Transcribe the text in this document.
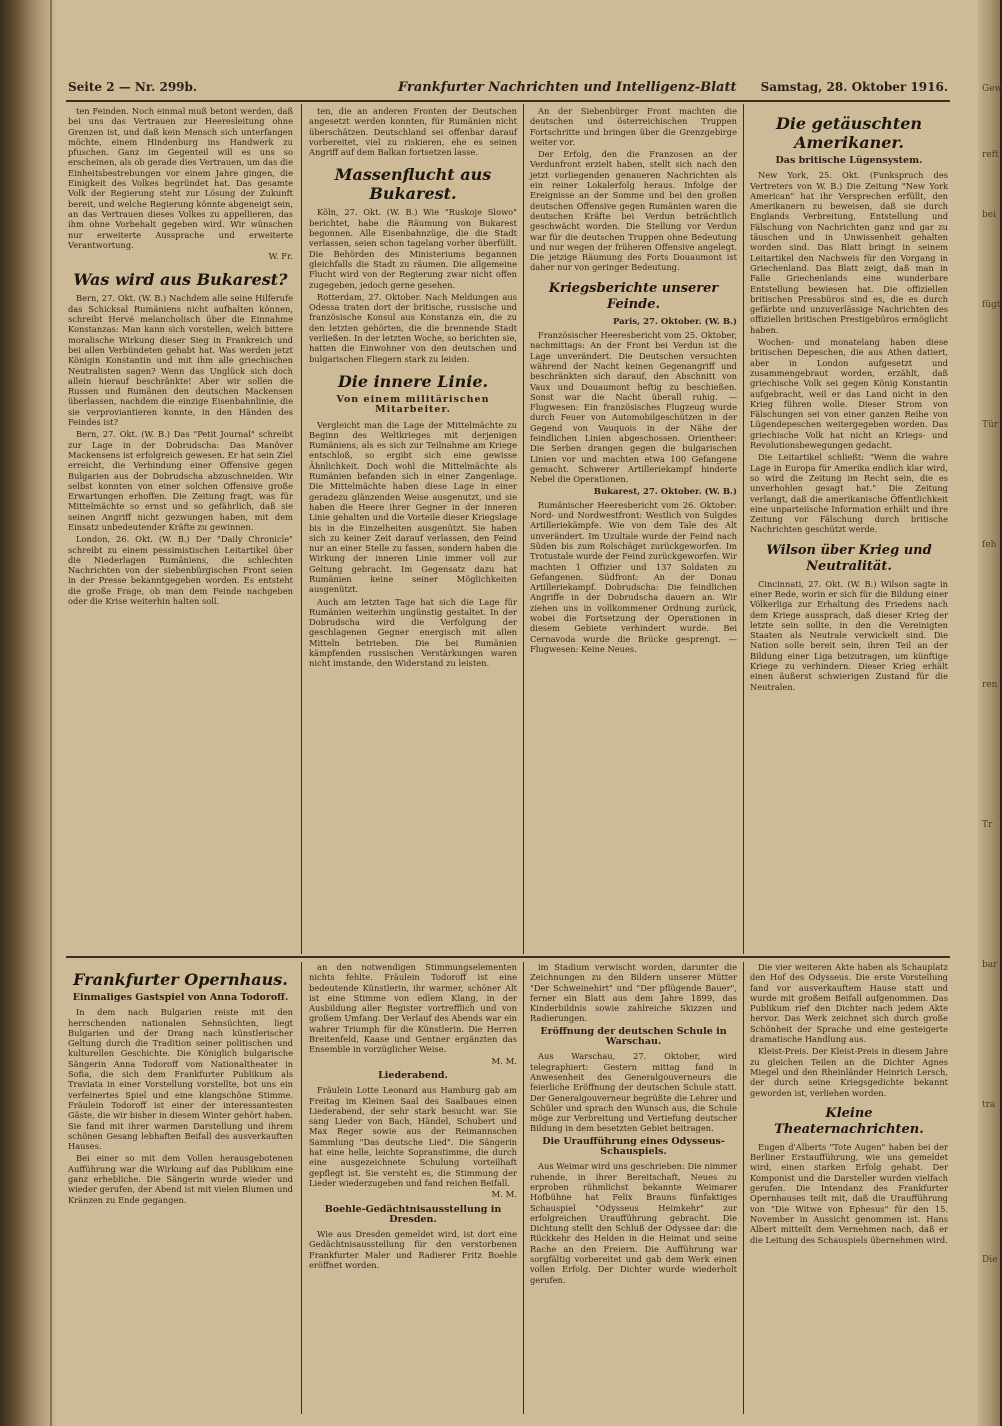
Gew
reft
bei
fügt
Tür
feh
ren
Tr
bar
tra
Die
Seite 2 — Nr. 299b.	Frankfurter Nachrichten und Intelligenz-Blatt Samstag, 28. Oktober 1916.

ten Feinden. Noch einmal muß betont werden, daß bei uns das Vertrauen zur Heeresleitung ohne Grenzen ist, und daß kein Mensch sich unterfangen möchte, einem Hindenburg ins Handwerk zu pfuschen. Ganz im Gegenteil will es uns so erscheinen, als ob gerade dies Vertrauen, um das die Einheitsbestrebungen vor einem Jahre gingen, die Einigkeit des Volkes begründet hat. Das gesamte Volk der Regierung steht zur Lösung der Zukunft bereit, und welche Regierung könnte abgeneigt sein, an das Vertrauen dieses Volkes zu appellieren, das ihm ohne Vorbehalt gegeben wird. Wir wünschen nur erweiterte Aussprache und erweiterte Verantwortung.

W. Fr.
Was wird aus Bukarest?

Bern, 27. Okt. (W. B.) Nachdem alle seine Hilferufe das Schicksal Rumäniens nicht aufhalten können, schreibt Hervé melancholisch über die Einnahme Konstanzas: Man kann sich vorstellen, welch bittere moralische Wirkung dieser Sieg in Frankreich und bei allen Verbündeten gehabt hat. Was werden jetzt Königin Konstantin und mit ihm alle griechischen Neutralisten sagen? Wenn das Unglück sich doch allein hierauf beschränkte! Aber wir sollen die Russen und Rumänen den deutschen Mackensen überlassen, nachdem die einzige Eisenbahnlinie, die sie verproviantieren konnte, in den Händen des Feindes ist?

Bern, 27. Okt. (W. B.) Das "Petit Journal" schreibt zur Lage in der Dobrudscha: Das Manöver Mackensens ist erfolgreich gewesen. Er hat sein Ziel erreicht, die Verbindung einer Offensive gegen Bulgarien aus der Dobrudscha abzuschneiden. Wir selbst konnten von einer solchen Offensive große Erwartungen erhoffen. Die Zeitung fragt, was für Mittelmächte so ernst und so gefährlich, daß sie seinen Angriff nicht gezwungen haben, mit dem Einsatz unbedeutender Kräfte zu gewinnen.

London, 26. Okt. (W. B.) Der "Daily Chronicle" schreibt zu einem pessimistischen Leitartikel über die Niederlagen Rumäniens, die schlechten Nachrichten von der siebenbürgischen Front seien in der Presse bekanntgegeben worden. Es entsteht die große Frage, ob man dem Feinde nachgeben oder die Krise weiterhin halten soll.

ten, die an anderen Fronten der Deutschen angesetzt werden konnten, für Rumänien nicht überschätzen. Deutschland sei offenbar darauf vorbereitet, viel zu riskieren, ehe es seinen Angriff auf dem Balkan fortsetzen lasse.

Massenflucht aus Bukarest.

Köln, 27. Okt. (W. B.) Wie "Ruskoje Slowo" berichtet, habe die Räumung von Bukarest begonnen. Alle Eisenbahnzüge, die die Stadt verlassen, seien schon tagelang vorher überfüllt. Die Behörden des Ministeriums begannen gleichfalls die Stadt zu räumen. Die allgemeine Flucht wird von der Regierung zwar nicht offen zugegeben, jedoch gerne gesehen.

Rotterdam, 27. Oktober. Nach Meldungen aus Odessa traten dort der britische, russische und französische Konsul aus Konstanza ein, die zu den letzten gehörten, die die brennende Stadt verließen. In der letzten Woche, so berichten sie, hatten die Einwohner von den deutschen und bulgarischen Fliegern stark zu leiden.

Die innere Linie.
Von einem militärischen Mitarbeiter.

Vergleicht man die Lage der Mittelmächte zu Beginn des Weltkrieges mit derjenigen Rumäniens, als es sich zur Teilnahme am Kriege entschloß, so ergibt sich eine gewisse Ähnlichkeit. Doch wohl die Mittelmächte als Rumänien befanden sich in einer Zangenlage. Die Mittelmächte haben diese Lage in einer geradezu glänzenden Weise ausgenutzt, und sie haben die Heere ihrer Gegner in der inneren Linie gehalten und die Vorteile dieser Kriegslage bis in die Einzelheiten ausgenützt. Sie haben sich zu keiner Zeit darauf verlassen, den Feind nur an einer Stelle zu fassen, sondern haben die Wirkung der inneren Linie immer voll zur Geltung gebracht. Im Gegensatz dazu hat Rumänien keine seiner Möglichkeiten ausgenützt.

Auch am letzten Tage hat sich die Lage für Rumänien weiterhin ungünstig gestaltet. In der Dobrudscha wird die Verfolgung der geschlagenen Gegner energisch mit allen Mitteln betrieben. Die bei Rumänien kämpfenden russischen Verstärkungen waren nicht imstande, den Widerstand zu leisten.

An der Siebenbürger Front machten die deutschen und österreichischen Truppen Fortschritte und bringen über die Grenzgebirge weiter vor.

Der Erfolg, den die Franzosen an der Verdunfront erzielt haben, stellt sich nach den jetzt vorliegenden genaueren Nachrichten als ein reiner Lokalerfolg heraus. Infolge der Ereignisse an der Somme und bei den großen deutschen Offensive gegen Rumänien waren die deutschen Kräfte bei Verdun beträchtlich geschwächt worden. Die Stellung vor Verdun war für die deutschen Truppen ohne Bedeutung und nur wegen der früheren Offensive angelegt. Die jetzige Räumung des Forts Douaumont ist daher nur von geringer Bedeutung.

Kriegsberichte unserer Feinde.
Paris, 27. Oktober. (W. B.)

Französischer Heeresbericht vom 25. Oktober, nachmittags: An der Front bei Verdun ist die Lage unverändert. Die Deutschen versuchten während der Nacht keinen Gegenangriff und beschränkten sich darauf, den Abschnitt von Vaux und Douaumont heftig zu beschießen. Sonst war die Nacht überall ruhig. — Flugwesen: Ein französisches Flugzeug wurde durch Feuer von Automobilgeschützen in der Gegend von Vauquois in der Nähe der feindlichen Linien abgeschossen. Orientheer: Die Serben drangen gegen die bulgarischen Linien vor und machten etwa 100 Gefangene gemacht. Schwerer Artilleriekampf hinderte Nebel die Operationen.

Bukarest, 27. Oktober. (W. B.)

Rumänischer Heeresbericht vom 26. Oktober: Nord- und Nordwestfront: Westlich von Sulgdes Artilleriekämpfe. Wie von dem Tale des Alt unverändert. Im Uzultale wurde der Feind nach Süden bis zum Rolschäget zurückgeworfen. Im Trotustale wurde der Feind zurückgeworfen. Wir machten 1 Offizier und 137 Soldaten zu Gefangenen. Südfront: An der Donau Artilleriekampf. Dobrudscha: Die feindlichen Angriffe in der Dobrudscha dauern an. Wir ziehen uns in vollkommener Ordnung zurück, wobei die Fortsetzung der Operationen in diesem Gebiete verhindert wurde. Bei Cernavoda wurde die Brücke gesprengt. — Flugwesen: Keine Neues.

Die getäuschten Amerikaner.
Das britische Lügensystem.

New York, 25. Okt. (Funkspruch des Vertreters von W. B.) Die Zeitung "New York American" hat ihr Versprechen erfüllt, den Amerikanern zu beweisen, daß sie durch Englands Verbreitung, Entstellung und Fälschung von Nachrichten ganz und gar zu täuschen und in Unwissenheit gehalten worden sind. Das Blatt bringt in seinem Leitartikel den Nachweis für den Vorgang in Griechenland. Das Blatt zeigt, daß man in Falle Griechenlands eine wunderbare Entstellung bewiesen hat. Die offiziellen britischen Pressbüros sind es, die es durch gefärbte und unzuverlässige Nachrichten des offiziellen britischen Prestigebüros ermöglicht haben.

Wochen- und monatelang haben diese britischen Depeschen, die aus Athen datiert, aber in London aufgesetzt und zusammengebraut worden, erzählt, daß griechische Volk sei gegen König Konstantin aufgebracht, weil er das Land nicht in den Krieg führen wolle. Dieser Strom von Fälschungen sei von einer ganzen Reihe von Lügendepeschen weitergegeben worden. Das griechische Volk hat nicht an Kriegs- und Revolutionsbewegungen gedacht.

Die Leitartikel schließt: "Wenn die wahre Lage in Europa für Amerika endlich klar wird, so wird die Zeitung im Recht sein, die es unverhohlen gesagt hat." Die Zeitung verlangt, daß die amerikanische Öffentlichkeit eine unparteiische Information erhält und ihre Zeitung vor Fälschung durch britische Nachrichten geschützt werde.

Wilson über Krieg und Neutralität.

Cincinnati, 27. Okt. (W. B.) Wilson sagte in einer Rede, worin er sich für die Bildung einer Völkerliga zur Erhaltung des Friedens nach dem Kriege aussprach, daß dieser Krieg der letzte sein sollte, in den die Vereinigten Staaten als Neutrale verwickelt sind. Die Nation solle bereit sein, ihren Teil an der Bildung einer Liga beizutragen, um künftige Kriege zu verhindern. Dieser Krieg erhält einen äußerst schwierigen Zustand für die Neutralen.

Frankfurter Opernhaus.
Einmaliges Gastspiel von Anna Todoroff.

In dem nach Bulgarien reiste mit den herrschenden nationalen Sehnsüchten, liegt Bulgarien und der Drang nach künstlerischer Geltung durch die Tradition seiner politischen und kulturellen Geschichte. Die Königlich bulgarische Sängerin Anna Todoroff vom Nationaltheater in Sofia, die sich dem Frankfurter Publikum als Traviata in einer Vorstellung vorstellte, bot uns ein verfeinertes Spiel und eine klangschöne Stimme. Fräulein Todoroff ist einer der interessantesten Gäste, die wir bisher in diesem Winter gehört haben. Sie fand mit ihrer warmen Darstellung und ihrem schönen Gesang lebhaften Beifall des ausverkauften Hauses.

Bei einer so mit dem Vollen herausgebotenen Aufführung war die Wirkung auf das Publikum eine ganz erhebliche. Die Sängerin wurde wieder und wieder gerufen, der Abend ist mit vielen Blumen und Kränzen zu Ende gegangen.

an den notwendigen Stimmungselementen nichts fehlte. Fräulein Todoroff ist eine bedeutende Künstlerin, ihr warmer, schöner Alt ist eine Stimme von edlem Klang, in der Ausbildung aller Register vortrefflich und von großem Umfang. Der Verlauf des Abends war ein wahrer Triumph für die Künstlerin. Die Herren Breitenfeld, Kaase und Gentner ergänzten das Ensemble in vorzüglicher Weise.

M. M.
Liederabend.

Fräulein Lotte Leonard aus Hamburg gab am Freitag im Kleinen Saal des Saalbaues einen Liederabend, der sehr stark besucht war. Sie sang Lieder von Bach, Händel, Schubert und Max Reger sowie aus der Reimannschen Sammlung "Das deutsche Lied". Die Sängerin hat eine helle, leichte Sopranstimme, die durch eine ausgezeichnete Schulung vorteilhaft gepflegt ist. Sie versteht es, die Stimmung der Lieder wiederzugeben und fand reichen Beifall.

M. M.
Boehle-Gedächtnisausstellung in Dresden.

Wie aus Dresden gemeldet wird, ist dort eine Gedächtnisausstellung für den verstorbenen Frankfurter Maler und Radierer Fritz Boehle eröffnet worden.

im Stadium verwischt worden, darunter die Zeichnungen zu den Bildern unserer Mütter "Der Schweinehirt" und "Der pflügende Bauer", ferner ein Blatt aus dem Jahre 1899, das Kinderbildnis sowie zahlreiche Skizzen und Radierungen.

Eröffnung der deutschen Schule in Warschau.

Aus Warschau, 27. Oktober, wird telegraphiert: Gestern mittag fand in Anwesenheit des Generalgouverneurs die feierliche Eröffnung der deutschen Schule statt. Der Generalgouverneur begrüßte die Lehrer und Schüler und sprach den Wunsch aus, die Schule möge zur Verbreitung und Vertiefung deutscher Bildung in dem besetzten Gebiet beitragen.

Die Uraufführung eines Odysseus-Schauspiels.

Aus Weimar wird uns geschrieben: Die nimmer ruhende, in ihrer Bereitschaft, Neues zu erproben rühmlichst bekannte Weimarer Hofbühne hat Felix Brauns fünfaktiges Schauspiel "Odysseus Heimkehr" zur erfolgreichen Uraufführung gebracht. Die Dichtung stellt den Schluß der Odyssee dar: die Rückkehr des Helden in die Heimat und seine Rache an den Freiern. Die Aufführung war sorgfältig vorbereitet und gab dem Werk einen vollen Erfolg. Der Dichter wurde wiederholt gerufen.

Die vier weiteren Akte haben als Schauplatz den Hof des Odysseus. Die erste Vorstellung fand vor ausverkauftem Hause statt und wurde mit großem Beifall aufgenommen. Das Publikum rief den Dichter nach jedem Akte hervor. Das Werk zeichnet sich durch große Schönheit der Sprache und eine gesteigerte dramatische Handlung aus.

Kleist-Preis. Der Kleist-Preis in diesem Jahre zu gleichen Teilen an die Dichter Agnes Miegel und den Rheinländer Heinrich Lersch, der durch seine Kriegsgedichte bekannt geworden ist, verliehen worden.

Kleine Theaternachrichten.

Eugen d'Alberts "Tote Augen" haben bei der Berliner Erstaufführung, wie uns gemeldet wird, einen starken Erfolg gehabt. Der Komponist und die Darsteller wurden vielfach gerufen. Die Intendanz des Frankfurter Opernhauses teilt mit, daß die Uraufführung von "Die Witwe von Ephesus" für den 15. November in Aussicht genommen ist. Hans Albert mitteilt dem Vernehmen nach, daß er die Leitung des Schauspiels übernehmen wird.
